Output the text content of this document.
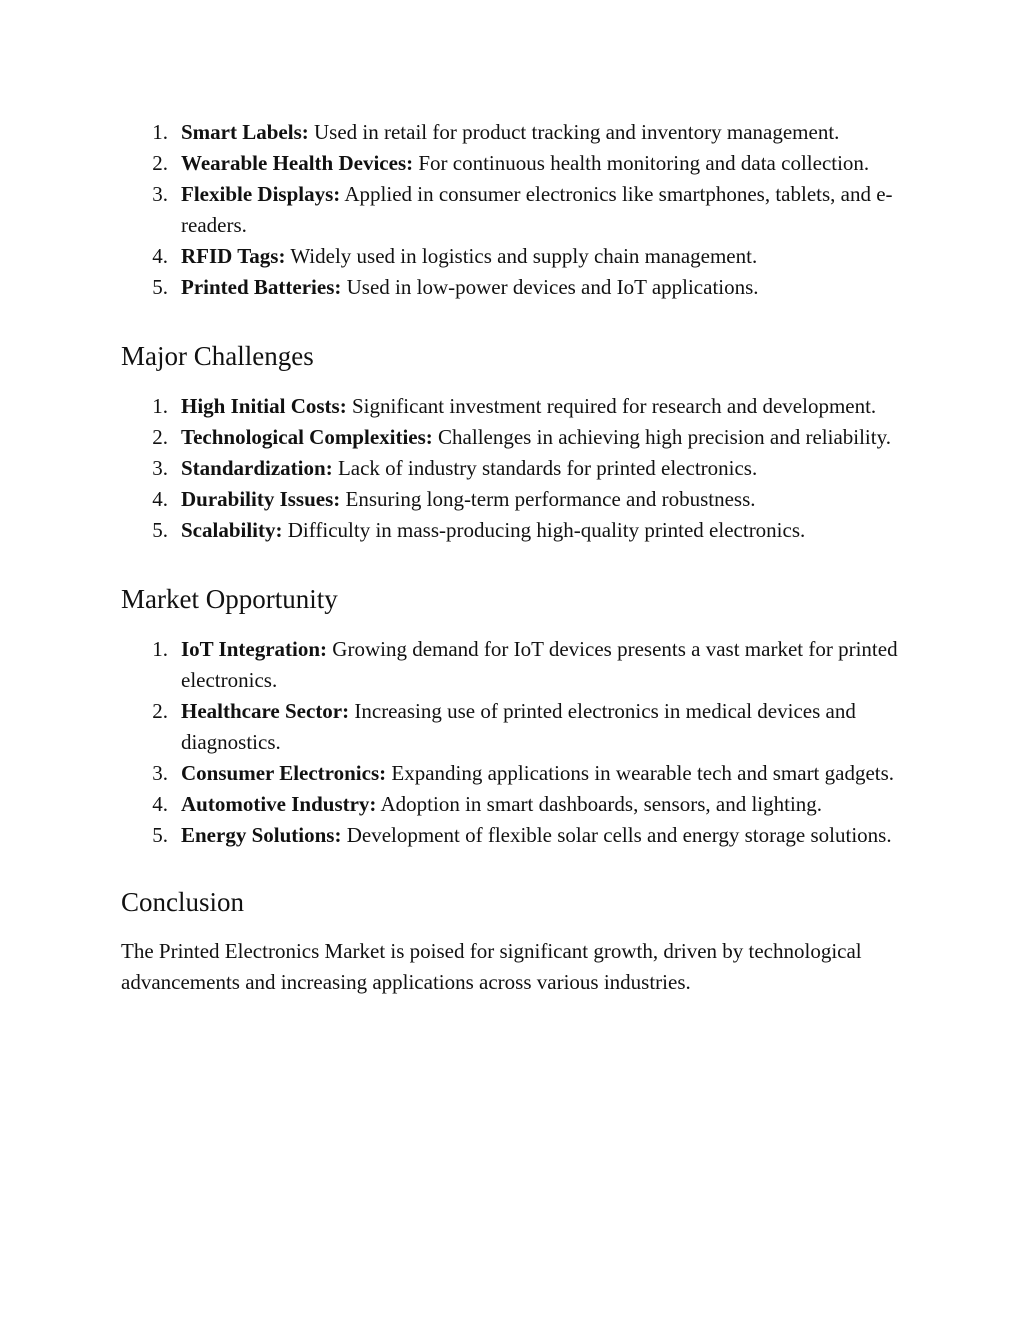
1. Smart Labels: Used in retail for product tracking and inventory management.
2. Wearable Health Devices: For continuous health monitoring and data collection.
3. Flexible Displays: Applied in consumer electronics like smartphones, tablets, and e-readers.
4. RFID Tags: Widely used in logistics and supply chain management.
5. Printed Batteries: Used in low-power devices and IoT applications.
Major Challenges
1. High Initial Costs: Significant investment required for research and development.
2. Technological Complexities: Challenges in achieving high precision and reliability.
3. Standardization: Lack of industry standards for printed electronics.
4. Durability Issues: Ensuring long-term performance and robustness.
5. Scalability: Difficulty in mass-producing high-quality printed electronics.
Market Opportunity
1. IoT Integration: Growing demand for IoT devices presents a vast market for printed electronics.
2. Healthcare Sector: Increasing use of printed electronics in medical devices and diagnostics.
3. Consumer Electronics: Expanding applications in wearable tech and smart gadgets.
4. Automotive Industry: Adoption in smart dashboards, sensors, and lighting.
5. Energy Solutions: Development of flexible solar cells and energy storage solutions.
Conclusion

The Printed Electronics Market is poised for significant growth, driven by technological advancements and increasing applications across various industries.
